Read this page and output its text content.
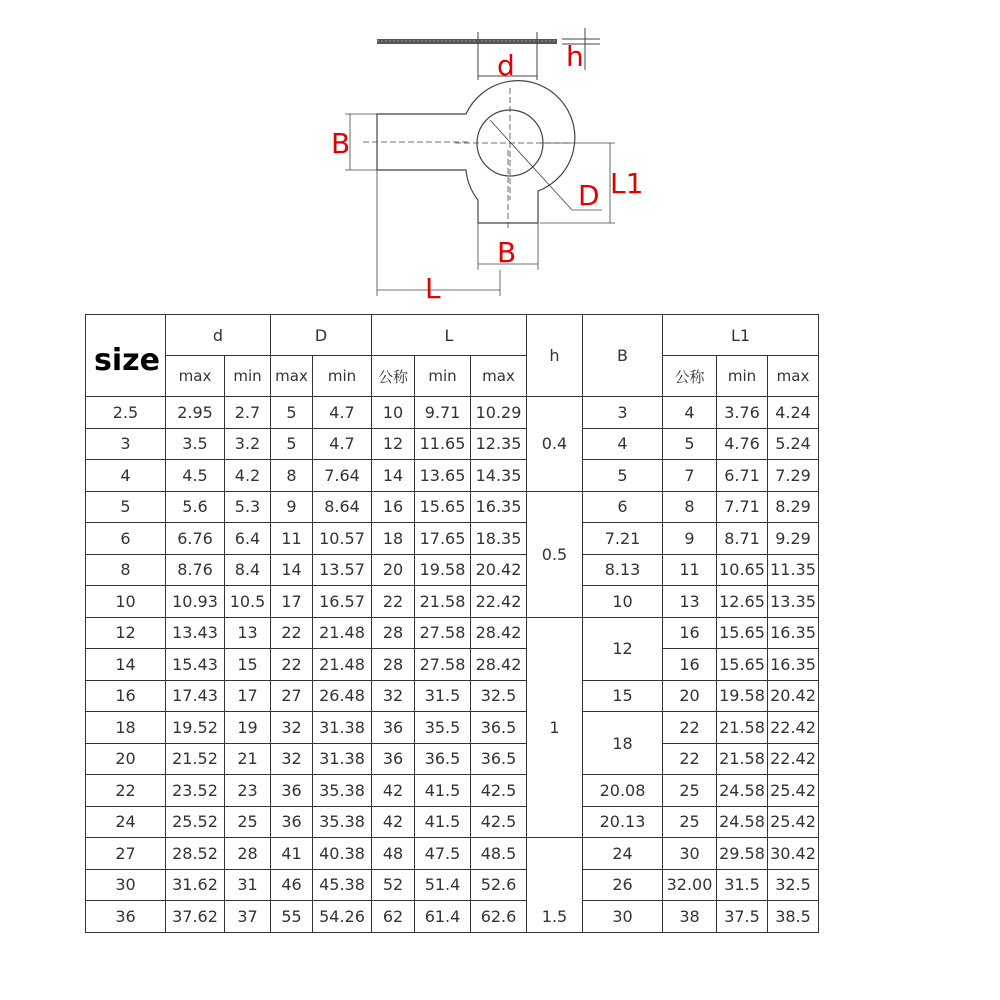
d h
B
D L1
B
L
size	d		D		L			h	B	L1		
	max	min	max	min	公称	min	max			公称	min	max
2.5	2.95	2.7	5	4.7	10	9.71	10.29	0.4	3	4	3.76	4.24
3	3.5	3.2	5	4.7	12	11.65	12.35		4	5	4.76	5.24
4	4.5	4.2	8	7.64	14	13.65	14.35		5	7	6.71	7.29
5	5.6	5.3	9	8.64	16	15.65	16.35	0.5	6	8	7.71	8.29
6	6.76	6.4	11	10.57	18	17.65	18.35		7.21	9	8.71	9.29
8	8.76	8.4	14	13.57	20	19.58	20.42		8.13	11	10.65	11.35
10	10.93	10.5	17	16.57	22	21.58	22.42		10	13	12.65	13.35
12	13.43	13	22	21.48	28	27.58	28.42	1	12	16	15.65	16.35
14	15.43	15	22	21.48	28	27.58	28.42			16	15.65	16.35
16	17.43	17	27	26.48	32	31.5	32.5		15	20	19.58	20.42
18	19.52	19	32	31.38	36	35.5	36.5		18	22	21.58	22.42
20	21.52	21	32	31.38	36	36.5	36.5			22	21.58	22.42
22	23.52	23	36	35.38	42	41.5	42.5		20.08	25	24.58	25.42
24	25.52	25	36	35.38	42	41.5	42.5		20.13	25	24.58	25.42
27	28.52	28	41	40.38	48	47.5	48.5	1.5	24	30	29.58	30.42
30	31.62	31	46	45.38	52	51.4	52.6		26	32.00	31.5	32.5
36	37.62	37	55	54.26	62	61.4	62.6		30	38	37.5	38.5
